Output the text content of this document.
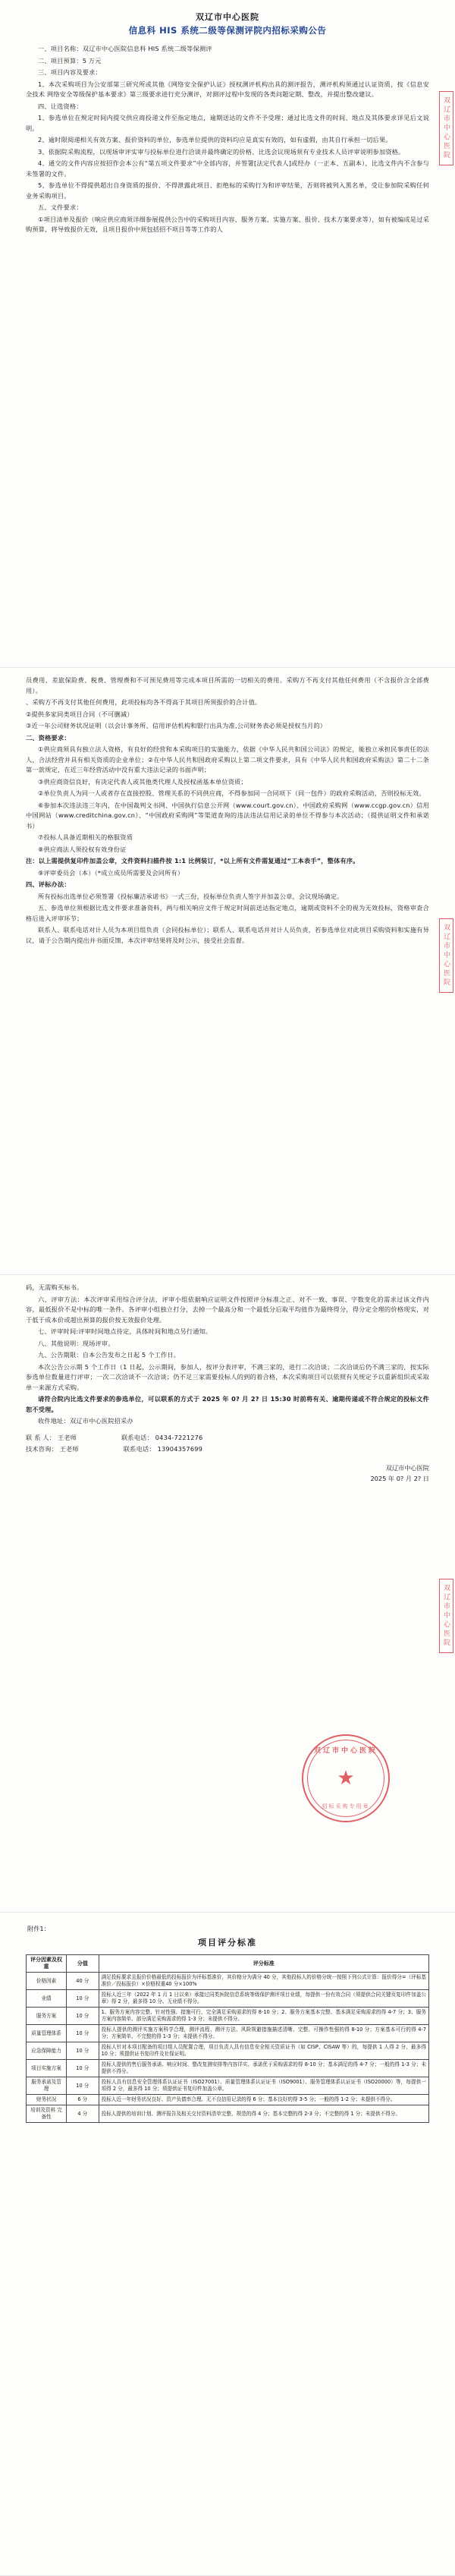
双辽市中心医院
信息科 HIS 系统二级等保测评院内招标采购公告

一、项目名称：双辽市中心医院信息科 HIS 系统二级等保测评

二、项目预算：5 万元

三、项目内容及要求：

1、本次采购项目为公安部第三研究所或其他《网络安全保护认证》授权测评机构出具的测评报告，测评机构须通过认证资质，按《信息安全技术 网络安全等级保护基本要求》第三级要求进行充分测评，对测评过程中发现的各类问题定期、整改，并提出整改建议。

四、让选资格：

1、参选单位在规定时间内提交供应商投递文件至指定地点，逾期送达的文件不予受理；通过比选文件的时间、地点及其体要求详见后文说明。

2、逾时限阅递相关有效方案、报价资料的单位，参选单位提供的资料均应是真实有效的，如有虚假，由其自行承担一切后果。

3、依据院采购流程，以现场审评实审与投标单位进行洽谈并最终确定的价格、比选会议现场须有专业技术人员评审说明参加资格。

4、通交的文件内容应按招作会本公有“第五项文件要求”中全部内容，并签署[法定代表人]或经办（一正本、五副本），比选文件内不含参与未签署的文件。

5、参选单位不得提供超出自身资质的报价、不得泄露此项目、拒绝标的采购行为和评审结果，否则将被列入黑名单，受让参加院采购任何业务采购项目。

五、文件要求：

①项目清单及报价（响应供应商须详细参展提供公告中的采购项目内容、服务方案、实施方案、报价、技术方案要求等），如有被编成是过采购预算，将导致报价无效，且项目报价中须包括招不项目等等工作的人

双辽市中心医院

员费用、差旅保险费、税费、管理费和不可预见费用等完成本项目所需的一切相关的费用。采购方不再支付其他任何费用（不含报价含全部费用）。

、采购方不再支付其他任何费用，此项投标均各不得高于其项目所须报价的合计值。

②提供多家同类项目合同（不可删减）

③近一年公司财务状况证明（以会计事务所、信用评估机构和银行出具为准,公司财务表必须是授权当月的）

二、资格要求：

①供应商须具有独立法人资格，有良好的经营和本采购项目的实施能力，依据《中华人民共和国公司法》的规定，能独立承担民事责任的法人，合法经营并具有相关资质的企业单位；②在中华人民共和国政府采购以上第二项文件要求，具有《中华人民共和国政府采购法》第二十二条第一款规定，在近三年经营活动中没有重大违法记录的书面声明；

③供应商资信良好，有决定代表人或其他类代理人及授权函基本单位资质；

②单位负责人为同一人或者存在直接控股、管理关系的不同供应商，不得参加同一合同项下（同一包件）的政府采购活动，否则投标无效。

⑥参加本次违法违三年内，在中国裁判文书网、中国执行信息公开网（www.court.gov.cn）、中国政府采购网（www.ccgp.gov.cn）信用中国网站（www.creditchina.gov.cn）、“中国政府采购网”等渠道查询的违法违法信用记录的单位不得参与本次活动；（提供证明文件和承诺书）

⑦投标人具备近期相关的格服资质

⑧供应商法人须投权有效身份证

注：以上需提供复印件加盖公章，文件资料扫描件按 1:1 比例装订，*以上所有文件需复通过“工本表手”，整体有序。

⑨评审委员会（本）（*成立成员所需要及会同所有）

四、评标办法：

所有投标出选单位必须签署《投标廉洁承诺书》一式三份，投标单位负责人签字并加盖公章，会议现场确定。

五、参选单位须根据比选文件要求准备资料，两与相关响应文件于规定时间前送达指定地点，逾期或资料不全的视为无效投标，资格审查合格后进入评审环节；

联系人、联系电话对计人员为本项目组负责（会同投标单位）；联系人、联系电话并对计人员负责，若参选单位对此项目采购资料和实施有异议，请于公告期内提出并书面反馈，本次评审结果将及时公示，接受社会监督。	双辽市中心医院

码，无需购买标书。

六、评审方法：本次评审采用综合评分法，评审小组依据响应证明文件按照评分标准之正、对不一致、事误、字数变化的需求过该文件内容，最低报价不是中标的唯一条件。各评审小组独立打分，去掉一个最高分和一个最低分后取平均值作为最终得分，得分定全理的价格现实，对于低于成本价或超出预算的报价按无效报价处理。

七、评审时间:评审时间地点待定，具体时间和地点另行通知。

八、其他说明：现场评审。

九、公告期限：自本公告发布之日起 5 个工作日。

本次公告公示期 5 个工作日（1 日起，公示期间，参加人，按评分表评审，不满三家的，进行二次洽谈；二次洽谈后仍不满三家的，按实际参选单位数量进行评审；一次二次洽谈不一次洽谈；仍不足三家需要投标人的到的着合格，本次采购项目可以依照有关规定予以重新组织或采取单一来源方式采购。

请符合院内比选文件要求的参选单位，可以联系的方式于 2025 年 0? 月 2? 日 15:30 时前将有关、逾期传递或不符合规定的投标文件恕不受理。

收件地址：双辽市中心医院招采办

联 系 人： 王老师	联系电话： 0434-7221276

技术咨询： 王老师	联系电话： 13904357699

双辽市中心医院

2025 年 0? 月 2? 日

双辽市中心医院
★
招标采购专用章
双辽市中心医院
附件1：
项目评分标准
评分因素及权重	分值	评分标准
价格因素	40 分	满足投标要求且报价价格最低的投标报价为评标基准价，其价格分为满分 40 分，其他投标人的价格分统一按照下列公式计算：报价得分=（评标基准价／投标报价）×价格权重40 分×100%
业绩	10 分	投标人近三年（2022 年 1 月 1 日以来）承接过同类医院信息系统等级保护测评项目业绩，每提供一份有效合同（须提供合同关键页复印件加盖公章）得 2 分，最多得 10 分。无业绩不得分。
服务方案	10 分	1、服务方案内容完整、针对性强、措施可行，完全满足采购需求的得 8-10 分；2、服务方案基本完整、基本满足采购需求的得 4-7 分；3、服务方案内容简单、部分满足采购需求的得 1-3 分；未提供不得分。
质量管理体系	10 分	投标人提供的测评实施方案科学合理，测评流程、测评方法、风险规避措施描述清晰、完整、可操作性强的得 8-10 分；方案基本可行的得 4-7 分；方案简单、不完整的得 1-3 分；未提供不得分。
应急保障能力	10 分	投标人针对本项目配备的项目组人员配置合理，项目负责人具有信息安全相关资质证书（如 CISP、CISAW 等）的，每提供 1 人得 2 分，最多得 10 分；须提供证书复印件及社保证明。
项目实施方案	10 分	投标人提供的售后服务承诺、响应时间、整改复测安排等内容详实、承诺优于采购需求的得 8-10 分；基本满足的得 4-7 分；一般的得 1-3 分；未提供不得分。
服务承诺及管理	10 分	投标人具有信息安全管理体系认证证书（ISO27001）、质量管理体系认证证书（ISO9001）、服务管理体系认证证书（ISO20000）等，每提供一项得 2 分，最多得 10 分；须提供证书复印件加盖公章。
财务状况	6 分	投标人近一年财务状况良好、资产负债率合理、无不良信用记录的得 6 分；基本良好的得 3-5 分；一般的得 1-2 分；未提供不得分。
培训及资料 完备性	4 分	投标人提供的培训计划、测评报告及相关交付资料清单完整、规范的得 4 分；基本完整的得 2-3 分；不完整的得 1 分；未提供不得分。
